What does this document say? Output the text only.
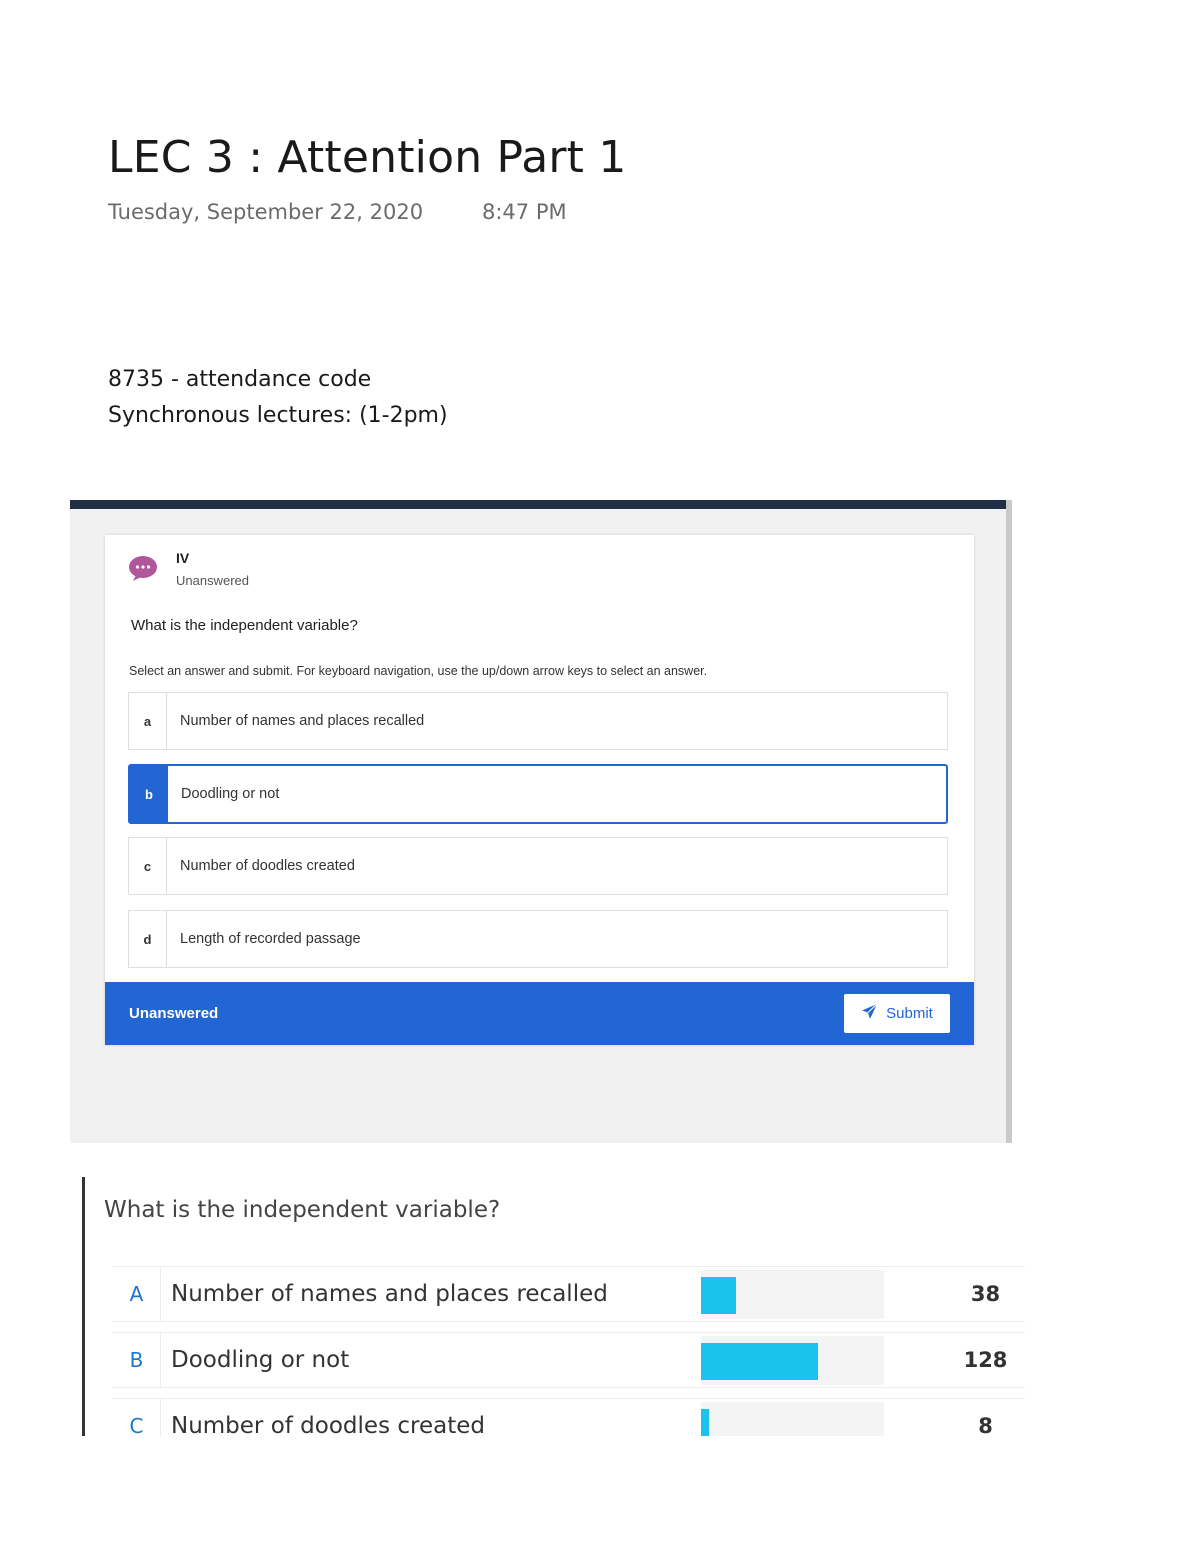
LEC 3 : Attention Part 1
Tuesday, September 22, 2020	8:47 PM
8735 - attendance code
Synchronous lectures: (1-2pm)
IV
Unanswered
What is the independent variable?
Select an answer and submit. For keyboard navigation, use the up/down arrow keys to select an answer.
a	Number of names and places recalled
b	Doodling or not
c	Number of doodles created
d	Length of recorded passage
Unanswered	Submit
What is the independent variable?
A	Number of names and places recalled	38
B	Doodling or not	128
C	Number of doodles created	8
